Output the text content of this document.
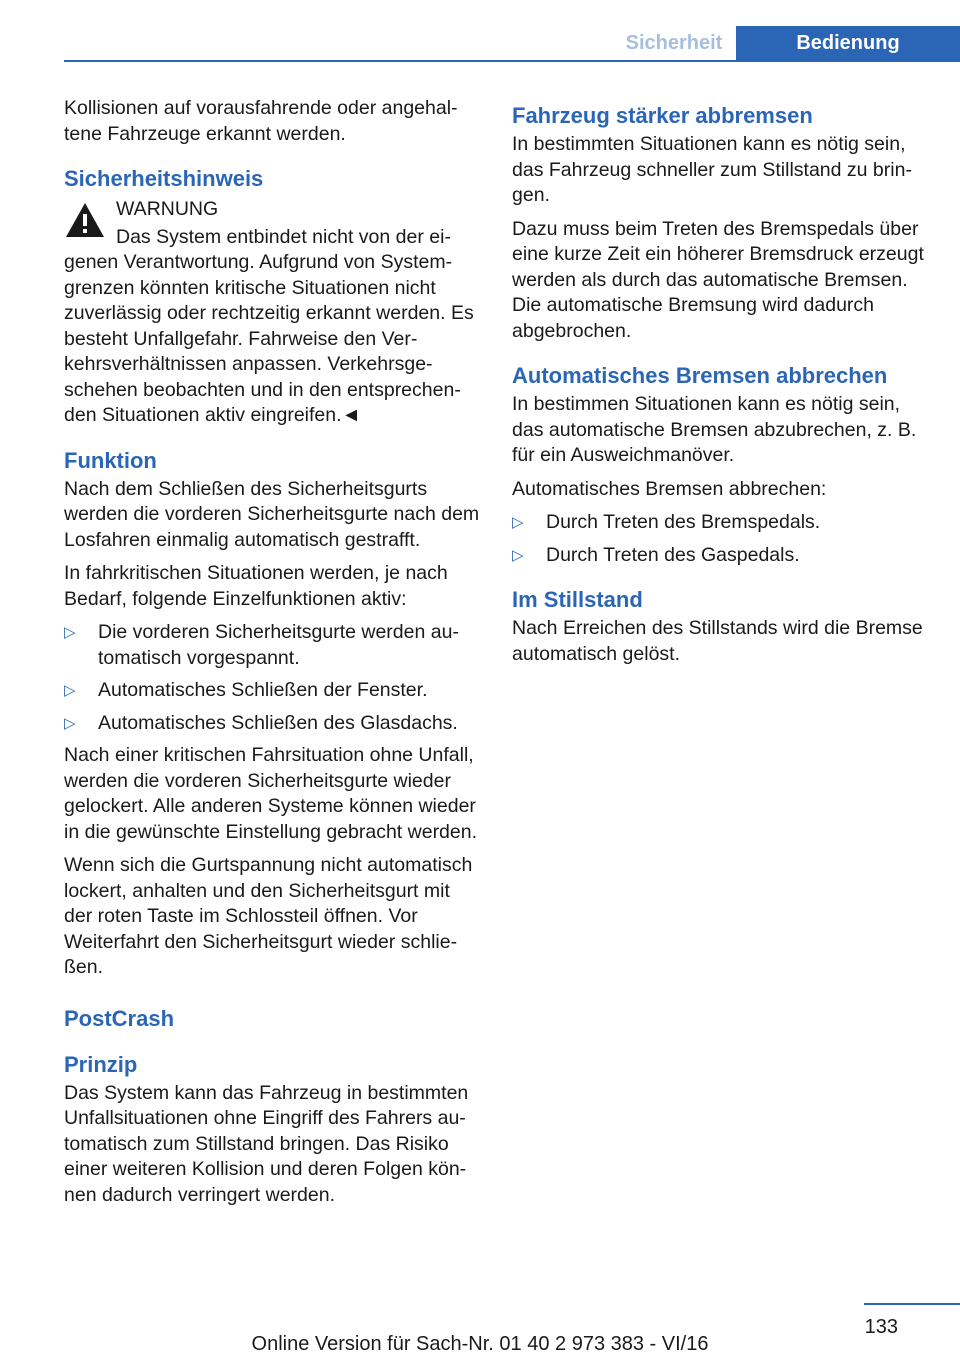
Sicherheit	Bedienung

Kollisionen auf vorausfahrende oder angehaltene Fahrzeuge erkannt werden.

Sicherheitshinweis

WARNUNG

Das System entbindet nicht von der eigenen Verantwortung. Aufgrund von Systemgrenzen könnten kritische Situationen nicht zuverlässig oder rechtzeitig erkannt werden. Es besteht Unfallgefahr. Fahrweise den Verkehrsverhältnissen anpassen. Verkehrsgeschehen beobachten und in den entsprechenden Situationen aktiv eingreifen.◄

Funktion

Nach dem Schließen des Sicherheitsgurts werden die vorderen Sicherheitsgurte nach dem Losfahren einmalig automatisch gestrafft.

In fahrkritischen Situationen werden, je nach Bedarf, folgende Einzelfunktionen aktiv:

▷	Die vorderen Sicherheitsgurte werden automatisch vorgespannt.
▷	Automatisches Schließen der Fenster.
▷	Automatisches Schließen des Glasdachs.

Nach einer kritischen Fahrsituation ohne Unfall, werden die vorderen Sicherheitsgurte wieder gelockert. Alle anderen Systeme können wieder in die gewünschte Einstellung gebracht werden.

Wenn sich die Gurtspannung nicht automatisch lockert, anhalten und den Sicherheitsgurt mit der roten Taste im Schlossteil öffnen. Vor Weiterfahrt den Sicherheitsgurt wieder schließen.

PostCrash
Prinzip

Das System kann das Fahrzeug in bestimmten Unfallsituationen ohne Eingriff des Fahrers automatisch zum Stillstand bringen. Das Risiko einer weiteren Kollision und deren Folgen können dadurch verringert werden.

Fahrzeug stärker abbremsen

In bestimmten Situationen kann es nötig sein, das Fahrzeug schneller zum Stillstand zu bringen.

Dazu muss beim Treten des Bremspedals über eine kurze Zeit ein höherer Bremsdruck erzeugt werden als durch das automatische Bremsen. Die automatische Bremsung wird dadurch abgebrochen.

Automatisches Bremsen abbrechen

In bestimmen Situationen kann es nötig sein, das automatische Bremsen abzubrechen, z. B. für ein Ausweichmanöver.

Automatisches Bremsen abbrechen:

▷	Durch Treten des Bremspedals.
▷	Durch Treten des Gaspedals.
Im Stillstand

Nach Erreichen des Stillstands wird die Bremse automatisch gelöst.

133
Online Version für Sach-Nr. 01 40 2 973 383 - VI/16
